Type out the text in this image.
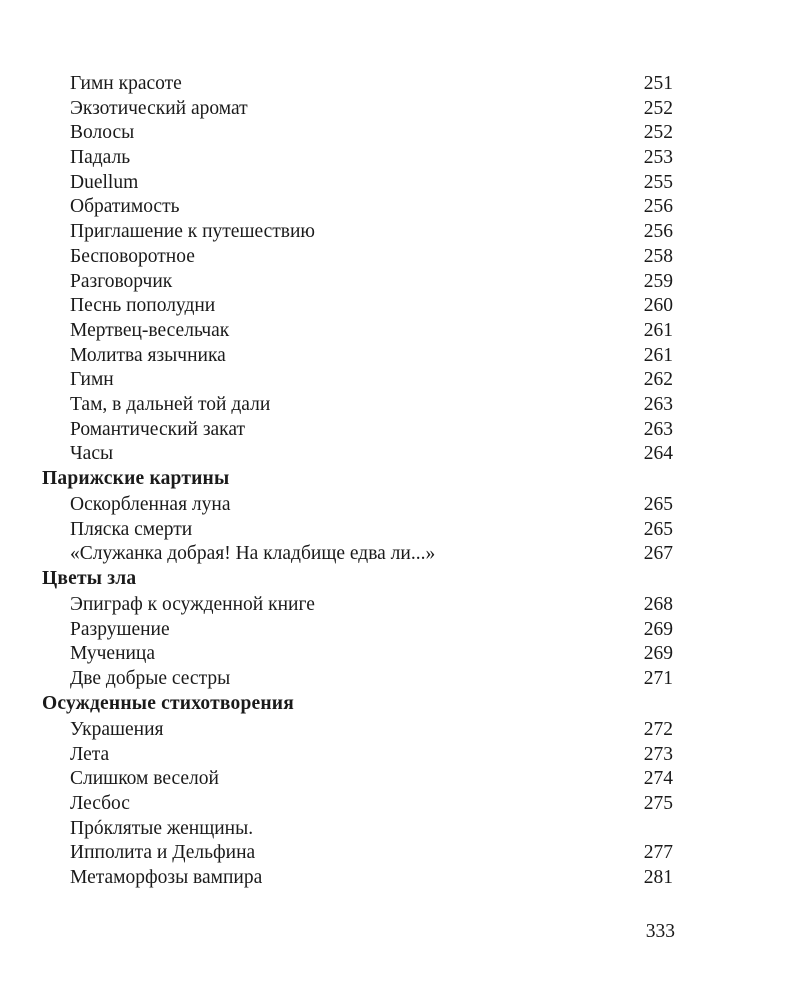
Гимн красоте	251
Экзотический аромат	252
Волосы	252
Падаль	253
Duellum	255
Обратимость	256
Приглашение к путешествию	256
Бесповоротное	258
Разговорчик	259
Песнь пополудни	260
Мертвец-весельчак	261
Молитва язычника	261
Гимн	262
Там, в дальней той дали	263
Романтический закат	263
Часы	264
Парижские картины
Оскорбленная луна	265
Пляска смерти	265
«Служанка добрая! На кладбище едва ли...»	267
Цветы зла
Эпиграф к осужденной книге	268
Разрушение	269
Мученица	269
Две добрые сестры	271
Осужденные стихотворения
Украшения	272
Лета	273
Слишком веселой	274
Лесбос	275
Прóклятые женщины.
Ипполита и Дельфина	277
Метаморфозы вампира	281
333
